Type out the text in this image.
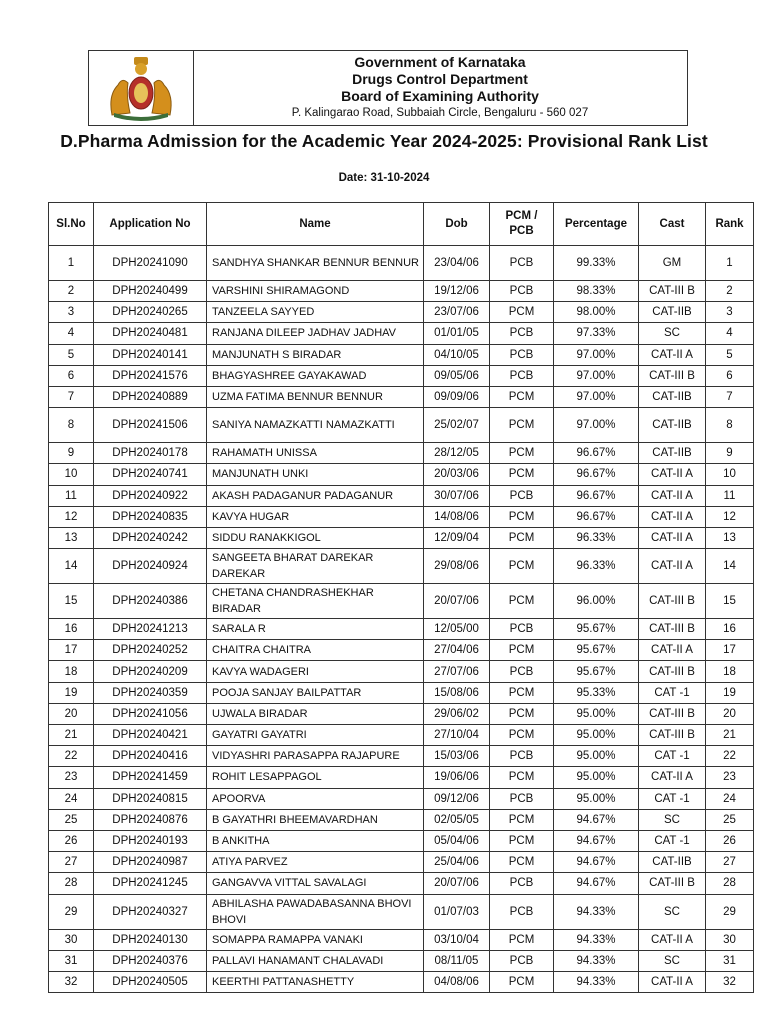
Government of Karnataka
Drugs Control Department
Board of Examining Authority
P. Kalingarao Road, Subbaiah Circle, Bengaluru - 560 027
D.Pharma Admission for the Academic Year 2024-2025: Provisional Rank List
Date: 31-10-2024
Sl.No	Application No	Name	Dob	PCM / PCB	Percentage	Cast	Rank
1	DPH20241090	SANDHYA SHANKAR BENNUR BENNUR	23/04/06	PCB	99.33%	GM	1
2	DPH20240499	VARSHINI SHIRAMAGOND	19/12/06	PCB	98.33%	CAT-III B	2
3	DPH20240265	TANZEELA SAYYED	23/07/06	PCM	98.00%	CAT-IIB	3
4	DPH20240481	RANJANA DILEEP JADHAV JADHAV	01/01/05	PCB	97.33%	SC	4
5	DPH20240141	MANJUNATH S BIRADAR	04/10/05	PCB	97.00%	CAT-II A	5
6	DPH20241576	BHAGYASHREE GAYAKAWAD	09/05/06	PCB	97.00%	CAT-III B	6
7	DPH20240889	UZMA FATIMA BENNUR BENNUR	09/09/06	PCM	97.00%	CAT-IIB	7
8	DPH20241506	SANIYA NAMAZKATTI NAMAZKATTI	25/02/07	PCM	97.00%	CAT-IIB	8
9	DPH20240178	RAHAMATH UNISSA	28/12/05	PCM	96.67%	CAT-IIB	9
10	DPH20240741	MANJUNATH UNKI	20/03/06	PCM	96.67%	CAT-II A	10
11	DPH20240922	AKASH PADAGANUR PADAGANUR	30/07/06	PCB	96.67%	CAT-II A	11
12	DPH20240835	KAVYA HUGAR	14/08/06	PCM	96.67%	CAT-II A	12
13	DPH20240242	SIDDU RANAKKIGOL	12/09/04	PCM	96.33%	CAT-II A	13
14	DPH20240924	SANGEETA BHARAT DAREKAR DAREKAR	29/08/06	PCM	96.33%	CAT-II A	14
15	DPH20240386	CHETANA CHANDRASHEKHAR BIRADAR	20/07/06	PCM	96.00%	CAT-III B	15
16	DPH20241213	SARALA R	12/05/00	PCB	95.67%	CAT-III B	16
17	DPH20240252	CHAITRA CHAITRA	27/04/06	PCM	95.67%	CAT-II A	17
18	DPH20240209	KAVYA WADAGERI	27/07/06	PCB	95.67%	CAT-III B	18
19	DPH20240359	POOJA SANJAY BAILPATTAR	15/08/06	PCM	95.33%	CAT -1	19
20	DPH20241056	UJWALA BIRADAR	29/06/02	PCM	95.00%	CAT-III B	20
21	DPH20240421	GAYATRI GAYATRI	27/10/04	PCM	95.00%	CAT-III B	21
22	DPH20240416	VIDYASHRI PARASAPPA RAJAPURE	15/03/06	PCB	95.00%	CAT -1	22
23	DPH20241459	ROHIT LESAPPAGOL	19/06/06	PCM	95.00%	CAT-II A	23
24	DPH20240815	APOORVA	09/12/06	PCB	95.00%	CAT -1	24
25	DPH20240876	B GAYATHRI BHEEMAVARDHAN	02/05/05	PCM	94.67%	SC	25
26	DPH20240193	B ANKITHA	05/04/06	PCM	94.67%	CAT -1	26
27	DPH20240987	ATIYA PARVEZ	25/04/06	PCM	94.67%	CAT-IIB	27
28	DPH20241245	GANGAVVA VITTAL SAVALAGI	20/07/06	PCB	94.67%	CAT-III B	28
29	DPH20240327	ABHILASHA PAWADABASANNA BHOVI BHOVI	01/07/03	PCB	94.33%	SC	29
30	DPH20240130	SOMAPPA RAMAPPA VANAKI	03/10/04	PCM	94.33%	CAT-II A	30
31	DPH20240376	PALLAVI HANAMANT CHALAVADI	08/11/05	PCB	94.33%	SC	31
32	DPH20240505	KEERTHI PATTANASHETTY	04/08/06	PCM	94.33%	CAT-II A	32
